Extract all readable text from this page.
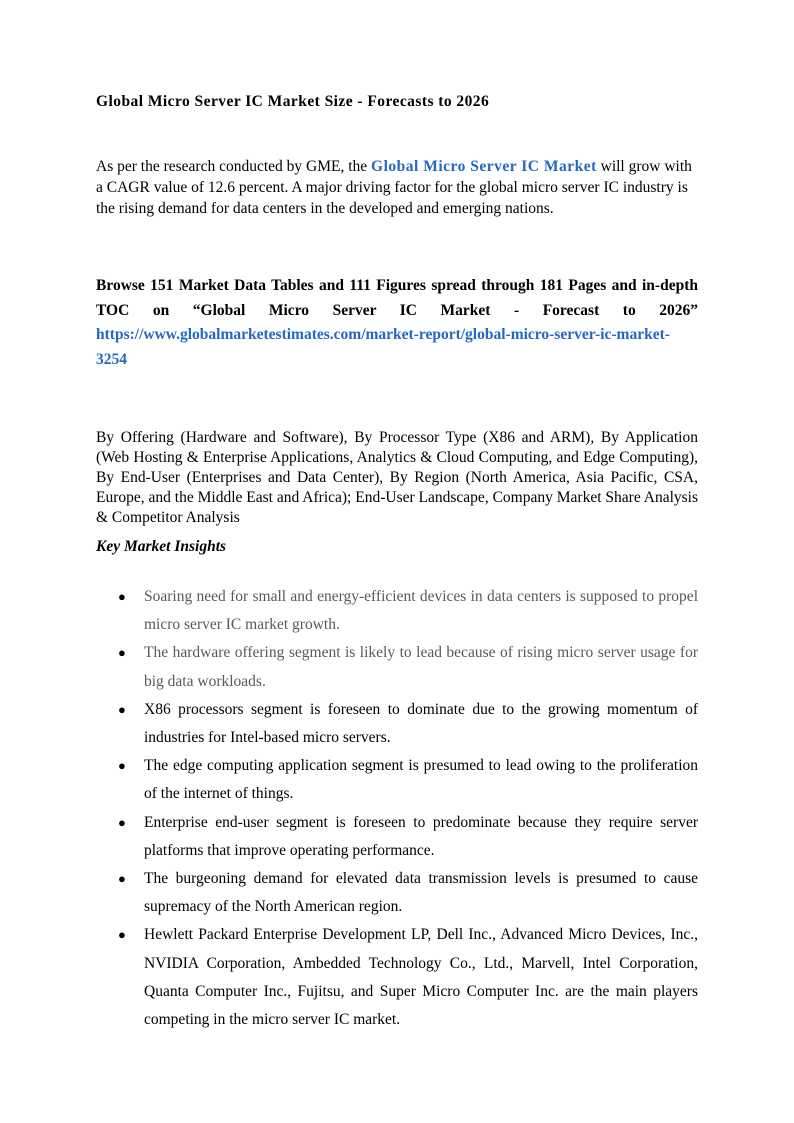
Global Micro Server IC Market Size - Forecasts to 2026

As per the research conducted by GME, the Global Micro Server IC Market will grow with a CAGR value of 12.6 percent. A major driving factor for the global micro server IC industry is the rising demand for data centers in the developed and emerging nations.

Browse 151 Market Data Tables and 111 Figures spread through 181 Pages and in-depth TOC on “Global Micro Server IC Market - Forecast to 2026” https://www.globalmarketestimates.com/market-report/global-micro-server-ic-market-3254

By Offering (Hardware and Software), By Processor Type (X86 and ARM), By Application (Web Hosting & Enterprise Applications, Analytics & Cloud Computing, and Edge Computing), By End-User (Enterprises and Data Center), By Region (North America, Asia Pacific, CSA, Europe, and the Middle East and Africa); End-User Landscape, Company Market Share Analysis & Competitor Analysis

Key Market Insights

● Soaring need for small and energy-efficient devices in data centers is supposed to propel micro server IC market growth.
● The hardware offering segment is likely to lead because of rising micro server usage for big data workloads.
● X86 processors segment is foreseen to dominate due to the growing momentum of industries for Intel-based micro servers.
● The edge computing application segment is presumed to lead owing to the proliferation of the internet of things.
● Enterprise end-user segment is foreseen to predominate because they require server platforms that improve operating performance.
● The burgeoning demand for elevated data transmission levels is presumed to cause supremacy of the North American region.
● Hewlett Packard Enterprise Development LP, Dell Inc., Advanced Micro Devices, Inc., NVIDIA Corporation, Ambedded Technology Co., Ltd., Marvell, Intel Corporation, Quanta Computer Inc., Fujitsu, and Super Micro Computer Inc. are the main players competing in the micro server IC market.
